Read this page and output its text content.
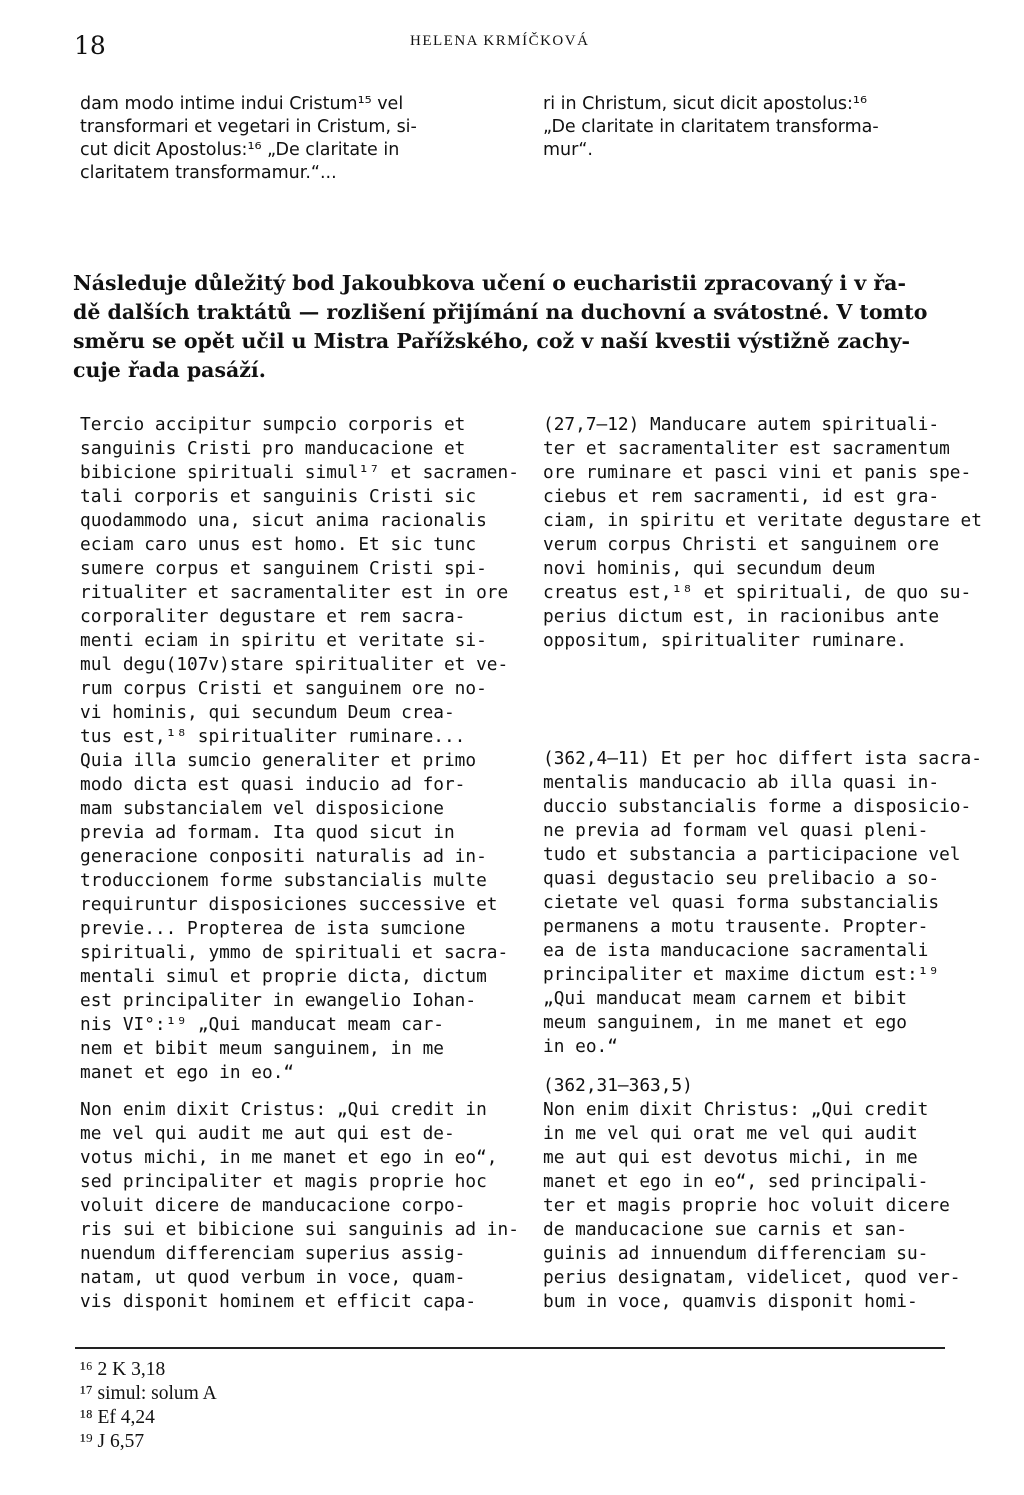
18	HELENA KRMÍČKOVÁ
dam modo intime indui Cristum¹⁵ vel
transformari et vegetari in Cristum, si-
cut dicit Apostolus:¹⁶ „De claritate in
claritatem transformamur.“...
ri in Christum, sicut dicit apostolus:¹⁶
„De claritate in claritatem transforma-
mur“.
Následuje důležitý bod Jakoubkova učení o eucharistii zpracovaný i v řa-
dě dalších traktátů — rozlišení přijímání na duchovní a svátostné. V tomto
směru se opět učil u Mistra Pařížského, což v naší kvestii výstižně zachy-
cuje řada pasáží.
Tercio accipitur sumpcio corporis et
sanguinis Cristi pro manducacione et
bibicione spirituali simul¹⁷ et sacramen-
tali corporis et sanguinis Cristi sic
quodammodo una, sicut anima racionalis
eciam caro unus est homo. Et sic tunc
sumere corpus et sanguinem Cristi spi-
ritualiter et sacramentaliter est in ore
corporaliter degustare et rem sacra-
menti eciam in spiritu et veritate si-
mul degu(107v)stare spiritualiter et ve-
rum corpus Cristi et sanguinem ore no-
vi hominis, qui secundum Deum crea-
tus est,¹⁸ spiritualiter ruminare...
Quia illa sumcio generaliter et primo
modo dicta est quasi inducio ad for-
mam substancialem vel disposicione
previa ad formam. Ita quod sicut in
generacione conpositi naturalis ad in-
troduccionem forme substancialis multe
requiruntur disposiciones successive et
previe... Propterea de ista sumcione
spirituali, ymmo de spirituali et sacra-
mentali simul et proprie dicta, dictum
est principaliter in ewangelio Iohan-
nis VI°:¹⁹ „Qui manducat meam car-
nem et bibit meum sanguinem, in me
manet et ego in eo.“
Non enim dixit Cristus: „Qui credit in
me vel qui audit me aut qui est de-
votus michi, in me manet et ego in eo“,
sed principaliter et magis proprie hoc
voluit dicere de manducacione corpo-
ris sui et bibicione sui sanguinis ad in-
nuendum differenciam superius assig-
natam, ut quod verbum in voce, quam-
vis disponit hominem et efficit capa-
(27,7—12) Manducare autem spirituali-
ter et sacramentaliter est sacramentum
ore ruminare et pasci vini et panis spe-
ciebus et rem sacramenti, id est gra-
ciam, in spiritu et veritate degustare et
verum corpus Christi et sanguinem ore
novi hominis, qui secundum deum
creatus est,¹⁸ et spirituali, de quo su-
perius dictum est, in racionibus ante
oppositum, spiritualiter ruminare.
(362,4—11) Et per hoc differt ista sacra-
mentalis manducacio ab illa quasi in-
duccio substancialis forme a disposicio-
ne previa ad formam vel quasi pleni-
tudo et substancia a participacione vel
quasi degustacio seu prelibacio a so-
cietate vel quasi forma substancialis
permanens a motu trausente. Propter-
ea de ista manducacione sacramentali
principaliter et maxime dictum est:¹⁹
„Qui manducat meam carnem et bibit
meum sanguinem, in me manet et ego
in eo.“
(362,31—363,5)
Non enim dixit Christus: „Qui credit
in me vel qui orat me vel qui audit
me aut qui est devotus michi, in me
manet et ego in eo“, sed principali-
ter et magis proprie hoc voluit dicere
de manducacione sue carnis et san-
guinis ad innuendum differenciam su-
perius designatam, videlicet, quod ver-
bum in voce, quamvis disponit homi-
¹⁶ 2 K 3,18
¹⁷ simul: solum A
¹⁸ Ef 4,24
¹⁹ J 6,57
